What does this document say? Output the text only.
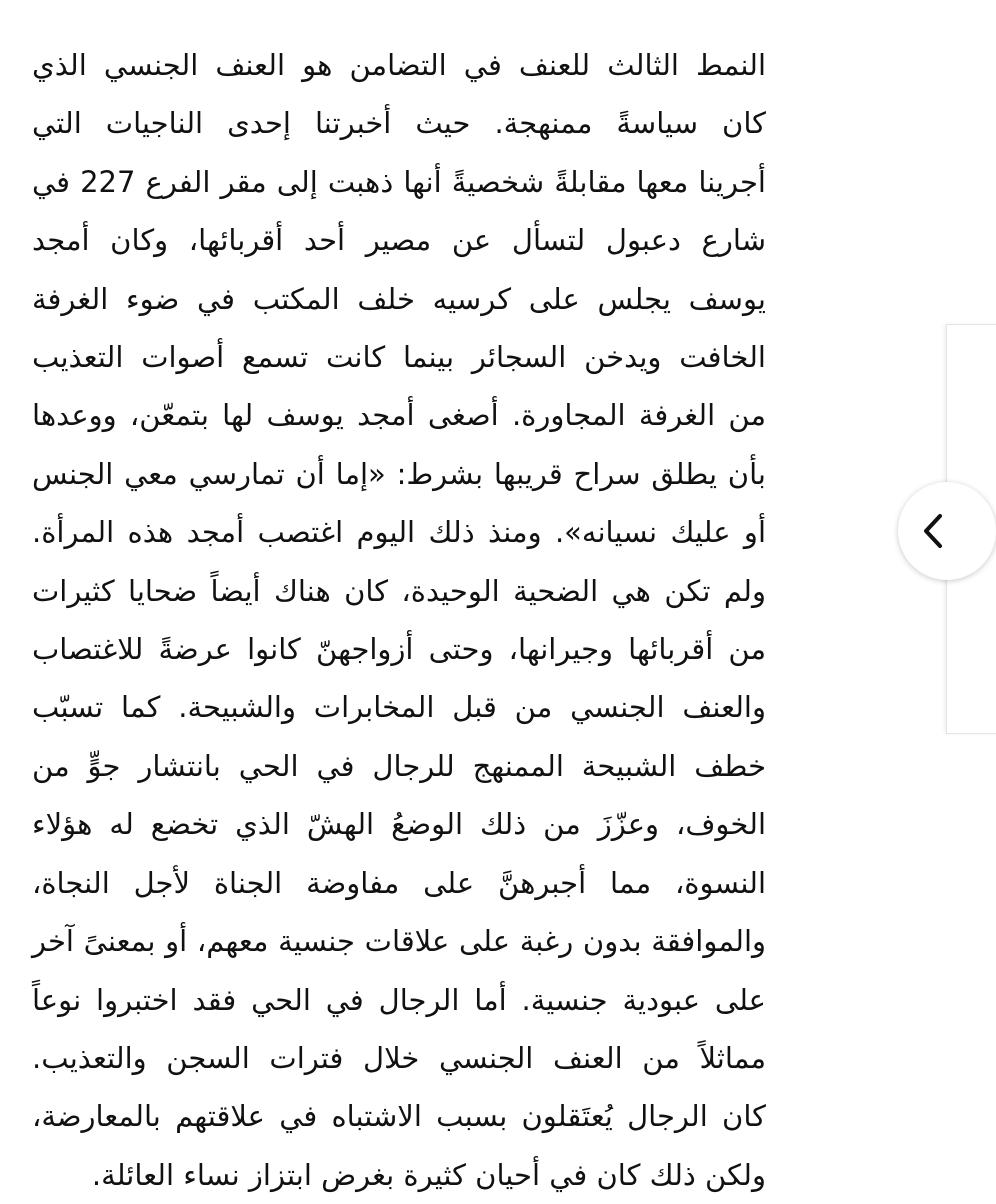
النمط الثالث للعنف في التضامن هو العنف الجنسي الذي
كان سياسةً ممنهجة. حيث أخبرتنا إحدى الناجيات التي
أجرينا معها مقابلةً شخصيةً أنها ذهبت إلى مقر الفرع 227 في
شارع دعبول لتسأل عن مصير أحد أقربائها، وكان أمجد
يوسف يجلس على كرسيه خلف المكتب في ضوء الغرفة
الخافت ويدخن السجائر بينما كانت تسمع أصوات التعذيب
من الغرفة المجاورة. أصغى أمجد يوسف لها بتمعّن، ووعدها
بأن يطلق سراح قريبها بشرط: «إما أن تمارسي معي الجنس
أو عليك نسيانه». ومنذ ذلك اليوم اغتصب أمجد هذه المرأة.
ولم تكن هي الضحية الوحيدة، كان هناك أيضاً ضحايا كثيرات
من أقربائها وجيرانها، وحتى أزواجهنّ كانوا عرضةً للاغتصاب
والعنف الجنسي من قبل المخابرات والشبيحة. كما تسبّب
خطف الشبيحة الممنهج للرجال في الحي بانتشار جوٍّ من
الخوف، وعزّزَ من ذلك الوضعُ الهشّ الذي تخضع له هؤلاء
النسوة، مما أجبرهنَّ على مفاوضة الجناة لأجل النجاة،
والموافقة بدون رغبة على علاقات جنسية معهم، أو بمعنىً آخر
على عبودية جنسية. أما الرجال في الحي فقد اختبروا نوعاً
مماثلاً من العنف الجنسي خلال فترات السجن والتعذيب.
كان الرجال يُعتَقلون بسبب الاشتباه في علاقتهم بالمعارضة،
ولكن ذلك كان في أحيان كثيرة بغرض ابتزاز نساء العائلة.
